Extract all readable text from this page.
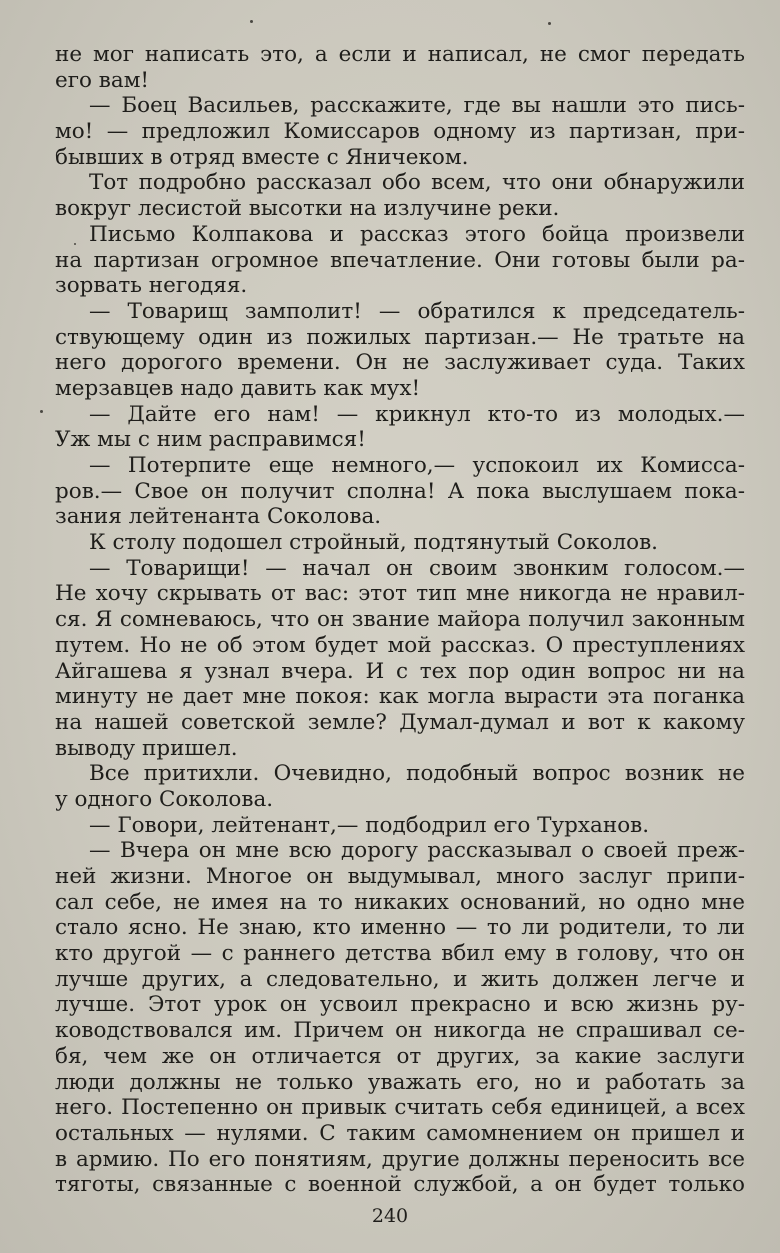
не мог написать это, а если и написал, не смог передать
его вам!
— Боец Васильев, расскажите, где вы нашли это пись-
мо! — предложил Комиссаров одному из партизан, при-
бывших в отряд вместе с Яничеком.
Тот подробно рассказал обо всем, что они обнаружили
вокруг лесистой высотки на излучине реки.
Письмо Колпакова и рассказ этого бойца произвели
на партизан огромное впечатление. Они готовы были ра-
зорвать негодяя.
— Товарищ замполит! — обратился к председатель-
ствующему один из пожилых партизан.— Не тратьте на
него дорогого времени. Он не заслуживает суда. Таких
мерзавцев надо давить как мух!
— Дайте его нам! — крикнул кто-то из молодых.—
Уж мы с ним расправимся!
— Потерпите еще немного,— успокоил их Комисса-
ров.— Свое он получит сполна! А пока выслушаем пока-
зания лейтенанта Соколова.
К столу подошел стройный, подтянутый Соколов.
— Товарищи! — начал он своим звонким голосом.—
Не хочу скрывать от вас: этот тип мне никогда не нравил-
ся. Я сомневаюсь, что он звание майора получил законным
путем. Но не об этом будет мой рассказ. О преступлениях
Айгашева я узнал вчера. И с тех пор один вопрос ни на
минуту не дает мне покоя: как могла вырасти эта поганка
на нашей советской земле? Думал-думал и вот к какому
выводу пришел.
Все притихли. Очевидно, подобный вопрос возник не
у одного Соколова.
— Говори, лейтенант,— подбодрил его Турханов.
— Вчера он мне всю дорогу рассказывал о своей преж-
ней жизни. Многое он выдумывал, много заслуг припи-
сал себе, не имея на то никаких оснований, но одно мне
стало ясно. Не знаю, кто именно — то ли родители, то ли
кто другой — с раннего детства вбил ему в голову, что он
лучше других, а следовательно, и жить должен легче и
лучше. Этот урок он усвоил прекрасно и всю жизнь ру-
ководствовался им. Причем он никогда не спрашивал се-
бя, чем же он отличается от других, за какие заслуги
люди должны не только уважать его, но и работать за
него. Постепенно он привык считать себя единицей, а всех
остальных — нулями. С таким самомнением он пришел и
в армию. По его понятиям, другие должны переносить все
тяготы, связанные с военной службой, а он будет только
240
